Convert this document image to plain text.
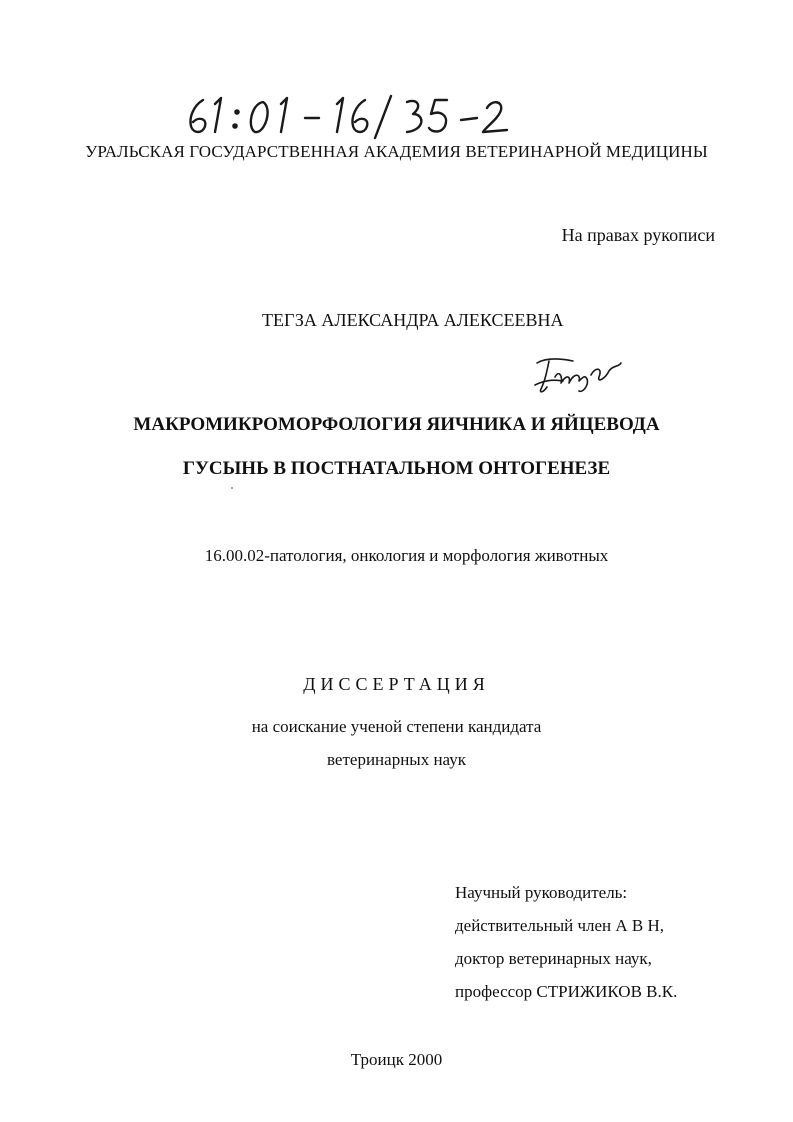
УРАЛЬСКАЯ ГОСУДАРСТВЕННАЯ АКАДЕМИЯ ВЕТЕРИНАРНОЙ МЕДИЦИНЫ
На правах рукописи
ТЕГЗА АЛЕКСАНДРА АЛЕКСЕЕВНА
МАКРОМИКРОМОРФОЛОГИЯ ЯИЧНИКА И ЯЙЦЕВОДА
ГУСЫНЬ В ПОСТНАТАЛЬНОМ ОНТОГЕНЕЗЕ
16.00.02-патология, онкология и морфология животных
ДИССЕРТАЦИЯ
на соискание ученой степени кандидата
ветеринарных наук
Научный руководитель:
действительный член А В Н,
доктор ветеринарных наук,
профессор СТРИЖИКОВ В.К.
Троицк 2000
